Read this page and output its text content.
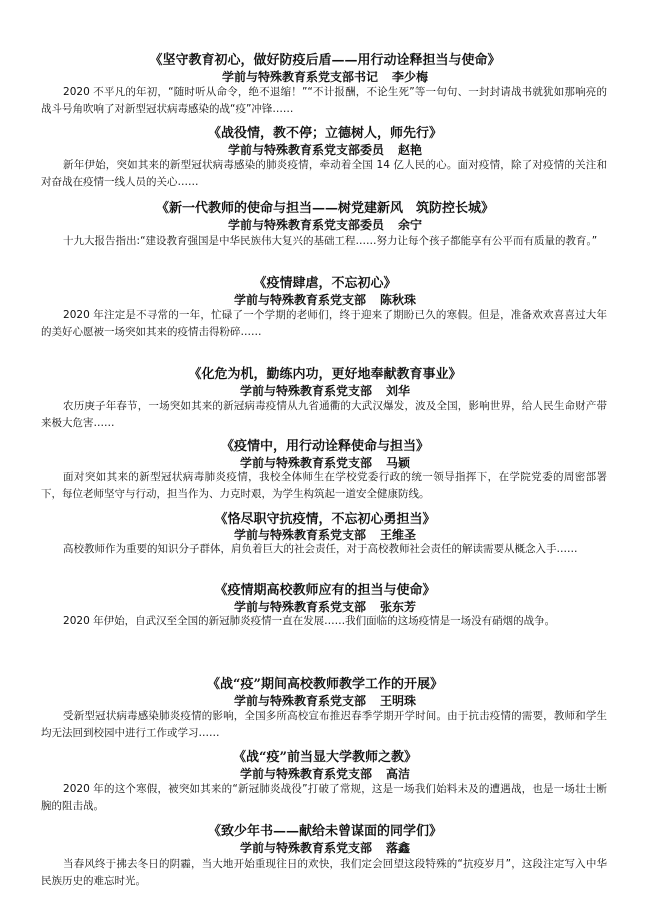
《坚守教育初心，做好防疫后盾——用行动诠释担当与使命》
学前与特殊教育系党支部书记 李少梅

2020 不平凡的年初，“随时听从命令，绝不退缩！”“不计报酬，不论生死”等一句句、一封封请战书就犹如那响亮的战斗号角吹响了对新型冠状病毒感染的战“疫”冲锋……

《战役情，教不停；立德树人，师先行》
学前与特殊教育系党支部委员 赵艳

新年伊始，突如其来的新型冠状病毒感染的肺炎疫情，牵动着全国 14 亿人民的心。面对疫情，除了对疫情的关注和对奋战在疫情一线人员的关心……

《新一代教师的使命与担当——树党建新风　筑防控长城》
学前与特殊教育系党支部委员 余宁

十九大报告指出:“建设教育强国是中华民族伟大复兴的基础工程……努力让每个孩子都能享有公平而有质量的教育。”

《疫情肆虐，不忘初心》
学前与特殊教育系党支部 陈秋珠

2020 年注定是不寻常的一年，忙碌了一个学期的老师们，终于迎来了期盼已久的寒假。但是，准备欢欢喜喜过大年的美好心愿被一场突如其来的疫情击得粉碎……

《化危为机，勤练内功，更好地奉献教育事业》
学前与特殊教育系党支部 刘华

农历庚子年春节，一场突如其来的新冠病毒疫情从九省通衢的大武汉爆发，波及全国，影响世界，给人民生命财产带来极大危害……

《疫情中，用行动诠释使命与担当》
学前与特殊教育系党支部 马颖

面对突如其来的新型冠状病毒肺炎疫情，我校全体师生在学校党委行政的统一领导指挥下，在学院党委的周密部署下，每位老师坚守与行动，担当作为、力克时艰，为学生构筑起一道安全健康防线。

《恪尽职守抗疫情，不忘初心勇担当》
学前与特殊教育系党支部 王维圣

高校教师作为重要的知识分子群体，肩负着巨大的社会责任，对于高校教师社会责任的解读需要从概念入手……

《疫情期高校教师应有的担当与使命》
学前与特殊教育系党支部 张东芳

2020 年伊始，自武汉至全国的新冠肺炎疫情一直在发展……我们面临的这场疫情是一场没有硝烟的战争。

《战“疫”期间高校教师教学工作的开展》
学前与特殊教育系党支部 王明珠

受新型冠状病毒感染肺炎疫情的影响，全国多所高校宣布推迟春季学期开学时间。由于抗击疫情的需要，教师和学生均无法回到校园中进行工作或学习……

《战“疫”前当显大学教师之教》
学前与特殊教育系党支部 高洁

2020 年的这个寒假，被突如其来的“新冠肺炎战役”打破了常规，这是一场我们始料未及的遭遇战，也是一场壮士断腕的阻击战。

《致少年书——献给未曾谋面的同学们》
学前与特殊教育系党支部 落鑫

当春风终于拂去冬日的阴霾，当大地开始重现往日的欢快，我们定会回望这段特殊的“抗疫岁月”，这段注定写入中华民族历史的难忘时光。
